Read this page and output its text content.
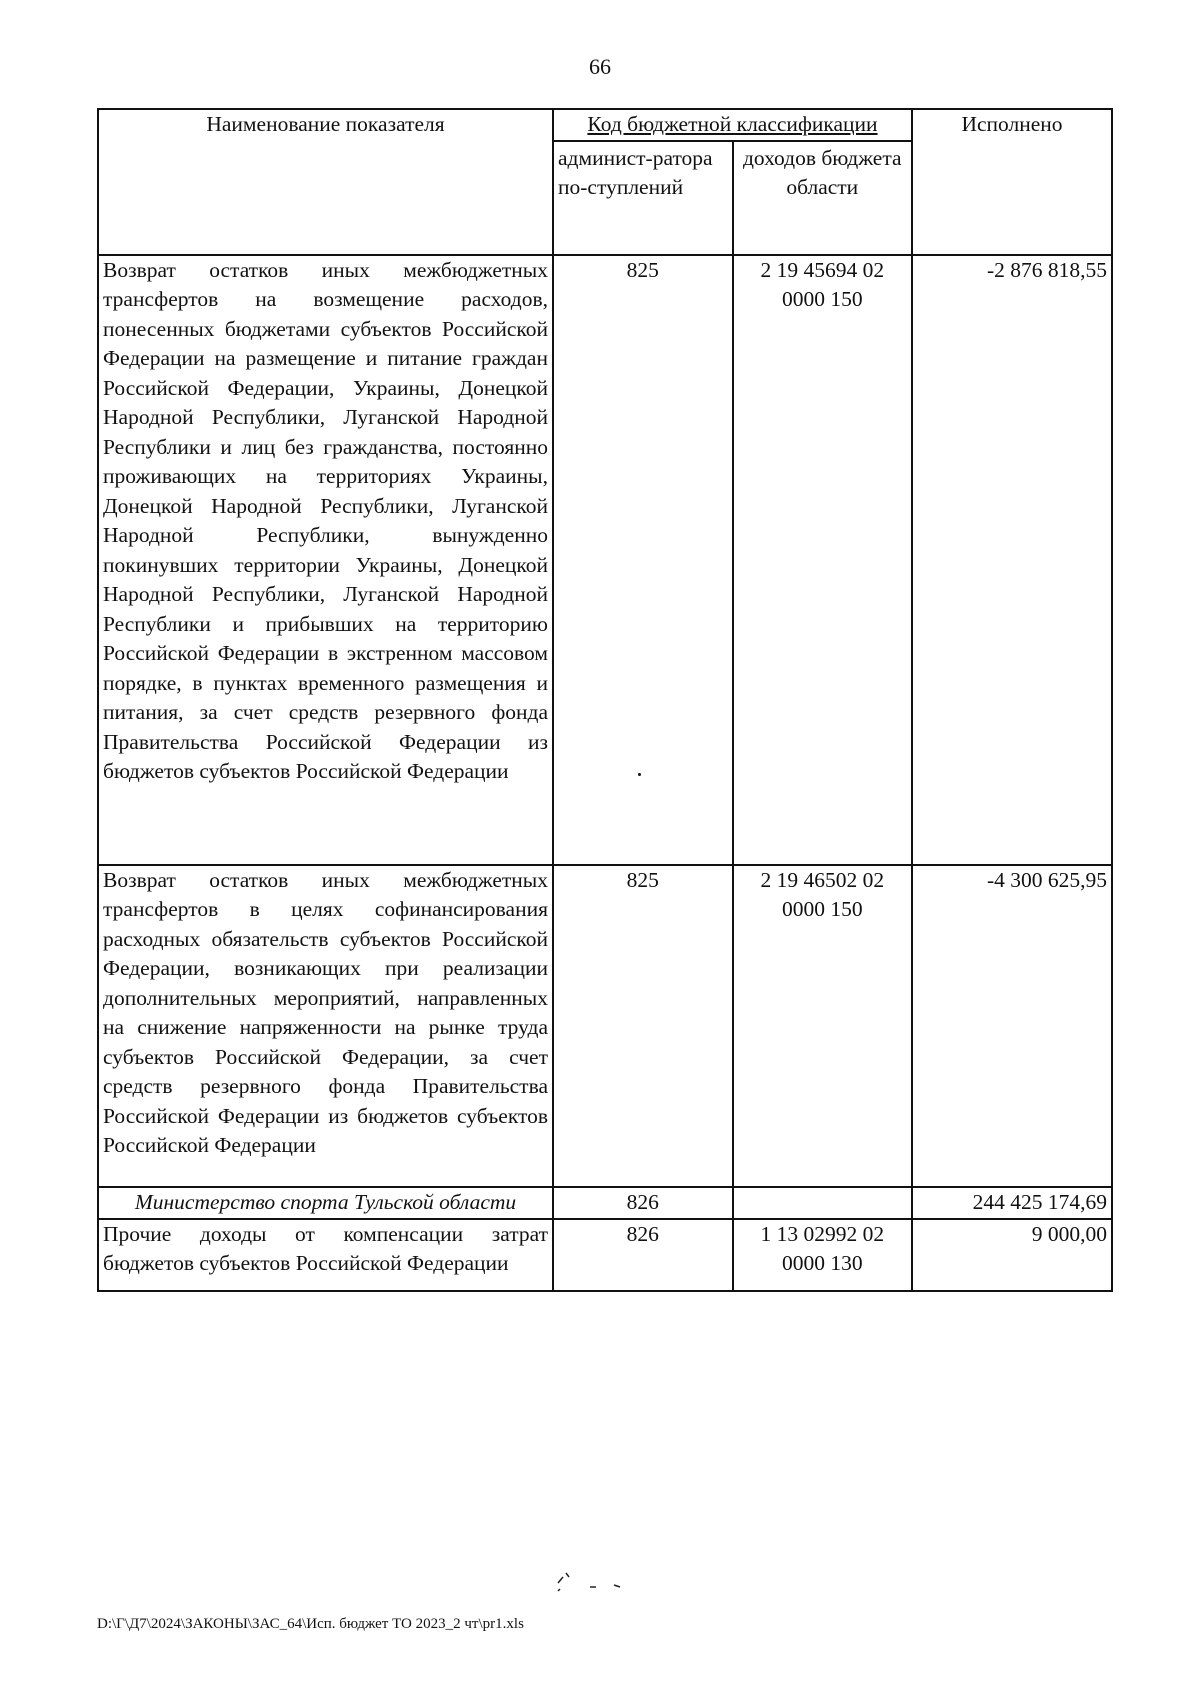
66
Наименование показателя	Код бюджетной классификации		Исполнено
	админист-ратора по-ступлений	доходов бюджета области	
Возврат остатков иных межбюджетных трансфертов на возмещение расходов, понесенных бюджетами субъектов Российской Федерации на размещение и питание граждан Российской Федерации, Украины, Донецкой Народной Республики, Луганской Народной Республики и лиц без гражданства, постоянно проживающих на территориях Украины, Донецкой Народной Республики, Луганской Народной Республики, вынужденно покинувших территории Украины, Донецкой Народной Республики, Луганской Народной Республики и прибывших на территорию Российской Федерации в экстренном массовом порядке, в пунктах временного размещения и питания, за счет средств резервного фонда Правительства Российской Федерации из бюджетов субъектов Российской Федерации	825	2 19 45694 02 0000 150	-2 876 818,55
Возврат остатков иных межбюджетных трансфертов в целях софинансирования расходных обязательств субъектов Российской Федерации, возникающих при реализации дополнительных мероприятий, направленных на снижение напряженности на рынке труда субъектов Российской Федерации, за счет средств резервного фонда Правительства Российской Федерации из бюджетов субъектов Российской Федерации	825	2 19 46502 02 0000 150	-4 300 625,95
Министерство спорта Тульской области	826		244 425 174,69
Прочие доходы от компенсации затрат бюджетов субъектов Российской Федерации	826	1 13 02992 02 0000 130	9 000,00
D:\Г\Д7\2024\ЗАКОНЫ\ЗАС_64\Исп. бюджет ТО 2023_2 чт\pr1.xls
